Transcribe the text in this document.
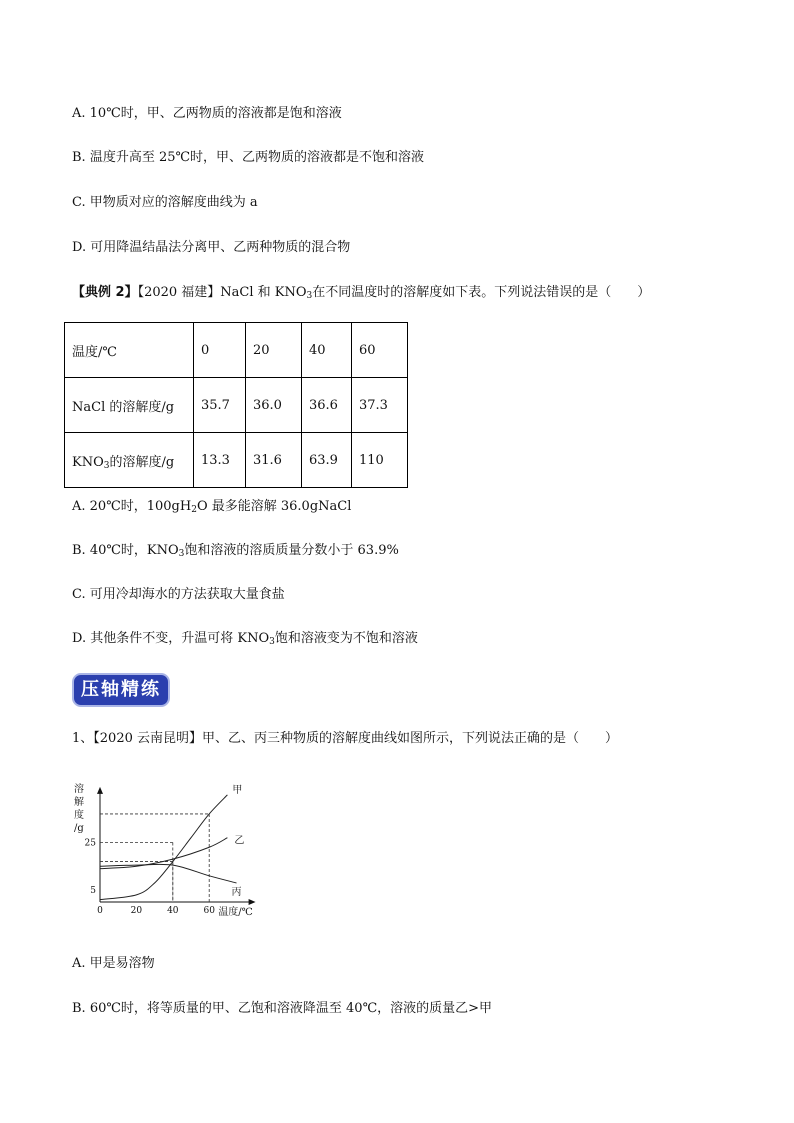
A. 10℃时，甲、乙两物质的溶液都是饱和溶液
B. 温度升高至 25℃时，甲、乙两物质的溶液都是不饱和溶液
C. 甲物质对应的溶解度曲线为 a
D. 可用降温结晶法分离甲、乙两种物质的混合物
【典例 2】【2020 福建】NaCl 和 $KNO_3$在不同温度时的溶解度如下表。下列说法错误的是（　　）
温度/℃	0	20	40	60
NaCl 的溶解度/g	35.7	36.0	36.6	37.3
$KNO_3$的溶解度/g	13.3	31.6	63.9	110
A. 20℃时，$100gH_2O$ 最多能溶解 36.0gNaCl
B. 40℃时，$KNO_3$饱和溶液的溶质质量分数小于 63.9%
C. 可用冷却海水的方法获取大量食盐
D. 其他条件不变，升温可将 $KNO_3$饱和溶液变为不饱和溶液
压轴精练
1、【2020 云南昆明】甲、乙、丙三种物质的溶解度曲线如图所示，下列说法正确的是（　　）
溶
解
度
/g
5
25
0	20	40	60 温度/℃
甲
乙
丙
A. 甲是易溶物
B. 60℃时，将等质量的甲、乙饱和溶液降温至 40℃，溶液的质量乙>甲
